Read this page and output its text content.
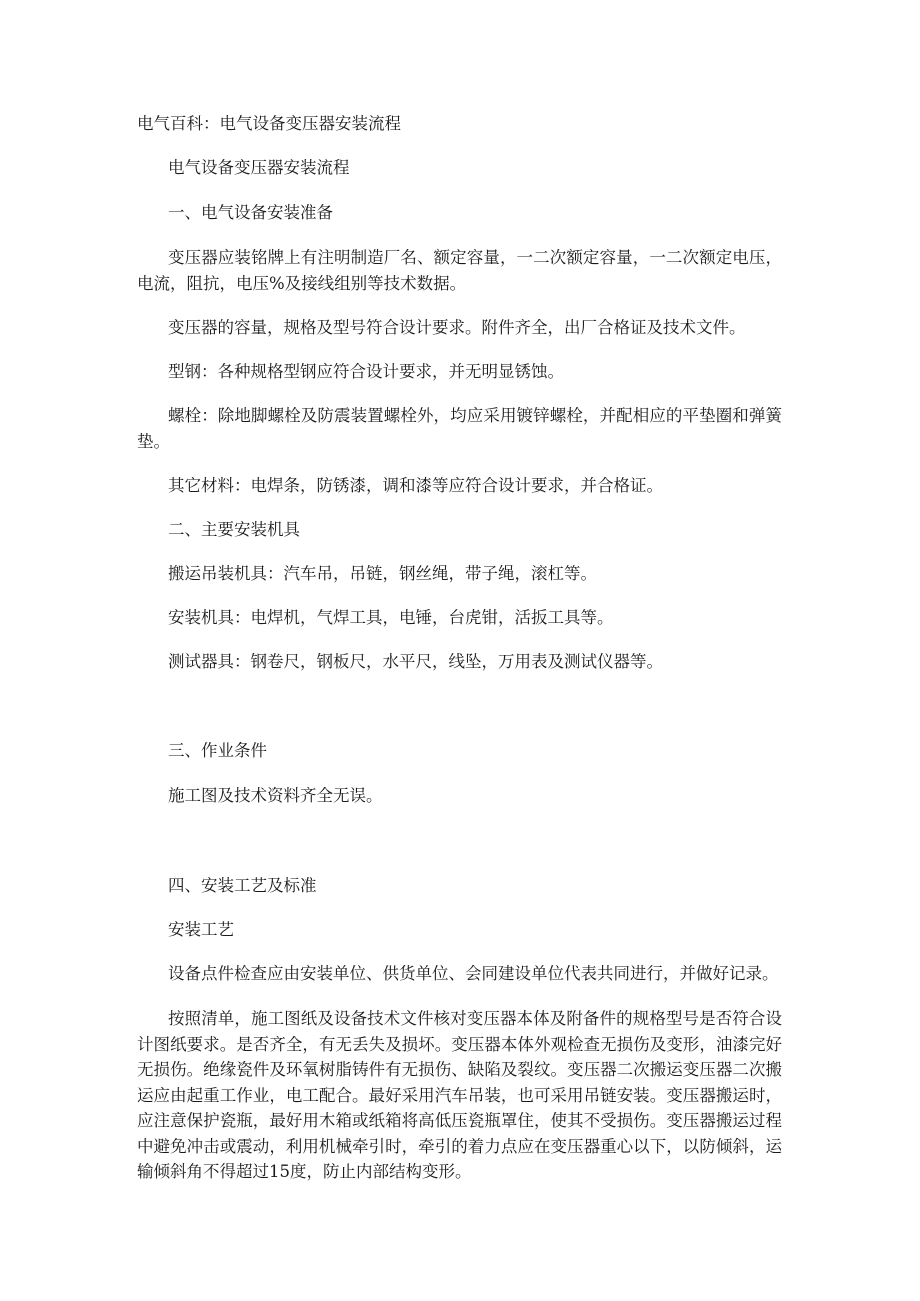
电气百科：电气设备变压器安装流程

电气设备变压器安装流程

一、电气设备安装准备

变压器应装铭牌上有注明制造厂名、额定容量，一二次额定容量，一二次额定电压，电流，阻抗，电压%及接线组别等技术数据。

变压器的容量，规格及型号符合设计要求。附件齐全，出厂合格证及技术文件。

型钢：各种规格型钢应符合设计要求，并无明显锈蚀。

螺栓：除地脚螺栓及防震装置螺栓外，均应采用镀锌螺栓，并配相应的平垫圈和弹簧垫。

其它材料：电焊条，防锈漆，调和漆等应符合设计要求，并合格证。

二、主要安装机具

搬运吊装机具：汽车吊，吊链，钢丝绳，带子绳，滚杠等。

安装机具：电焊机，气焊工具，电锤，台虎钳，活扳工具等。

测试器具：钢卷尺，钢板尺，水平尺，线坠，万用表及测试仪器等。

三、作业条件

施工图及技术资料齐全无误。

四、安装工艺及标准

安装工艺

设备点件检查应由安装单位、供货单位、会同建设单位代表共同进行，并做好记录。

按照清单，施工图纸及设备技术文件核对变压器本体及附备件的规格型号是否符合设计图纸要求。是否齐全，有无丢失及损坏。变压器本体外观检查无损伤及变形，油漆完好无损伤。绝缘瓷件及环氧树脂铸件有无损伤、缺陷及裂纹。变压器二次搬运变压器二次搬运应由起重工作业，电工配合。最好采用汽车吊装，也可采用吊链安装。变压器搬运时，应注意保护瓷瓶，最好用木箱或纸箱将高低压瓷瓶罩住，使其不受损伤。变压器搬运过程中避免冲击或震动，利用机械牵引时，牵引的着力点应在变压器重心以下，以防倾斜，运输倾斜角不得超过15度，防止内部结构变形。
